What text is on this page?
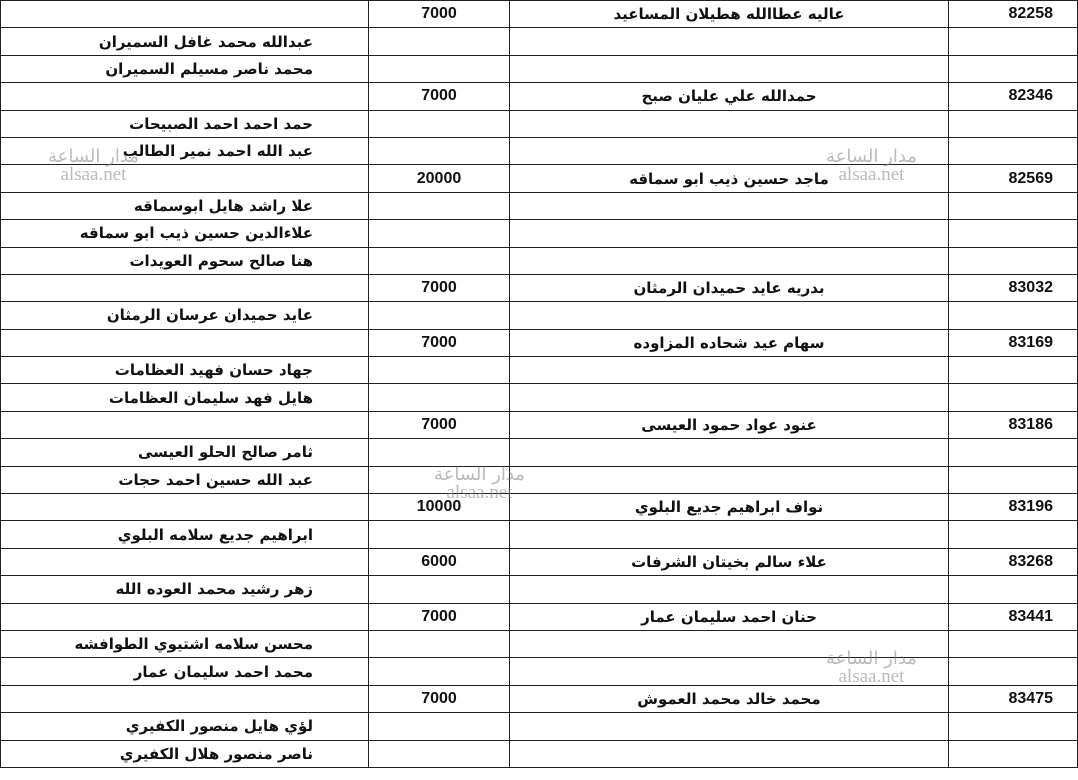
	7000	عاليه عطاالله هطيلان المساعيد	82258
عبدالله محمد غافل السميران			
محمد ناصر مسيلم السميران			
	7000	حمدالله علي عليان صبح	82346
حمد احمد احمد الصبيحات			
عبد الله احمد نمير الطالب			
	20000	ماجد حسين ذيب ابو سماقه	82569
علا راشد هايل ابوسماقه			
علاءالدين حسين ذيب ابو سماقه			
هنا صالح سحوم العويدات			
	7000	بدريه عايد حميدان الرمثان	83032
عايد حميدان عرسان الرمثان			
	7000	سهام عيد شحاده المزاوده	83169
جهاد حسان فهيد العظامات			
هايل فهد سليمان العظامات			
	7000	عنود عواد حمود العيسى	83186
ثامر صالح الحلو العيسى			
عبد الله حسين احمد حجات			
	10000	نواف ابراهيم جديع البلوي	83196
ابراهيم جديع سلامه البلوي			
	6000	علاء سالم بخيتان الشرفات	83268
زهر رشيد محمد العوده الله			
	7000	حنان احمد سليمان عمار	83441
محسن سلامه اشتيوي الطوافشه			
محمد احمد سليمان عمار			
	7000	محمد خالد محمد العموش	83475
لؤي هايل منصور الكفيري			
ناصر منصور هلال الكفيري			
مدار الساعة
alsaa.net
مدار الساعة
alsaa.net
مدار الساعة
alsaa.net
مدار الساعة
alsaa.net
